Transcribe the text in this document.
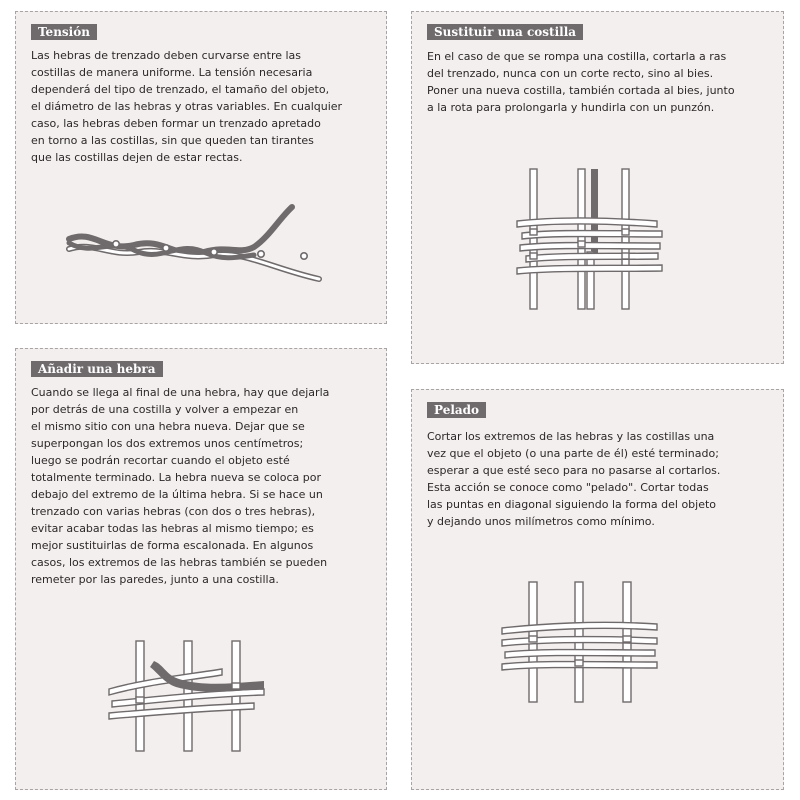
Tensión

Las hebras de trenzado deben curvarse entre las
costillas de manera uniforme. La tensión necesaria
dependerá del tipo de trenzado, el tamaño del objeto,
el diámetro de las hebras y otras variables. En cualquier
caso, las hebras deben formar un trenzado apretado
en torno a las costillas, sin que queden tan tirantes
que las costillas dejen de estar rectas.

Sustituir una costilla

En el caso de que se rompa una costilla, cortarla a ras
del trenzado, nunca con un corte recto, sino al bies.
Poner una nueva costilla, también cortada al bies, junto
a la rota para prolongarla y hundirla con un punzón.

Añadir una hebra

Cuando se llega al final de una hebra, hay que dejarla
por detrás de una costilla y volver a empezar en
el mismo sitio con una hebra nueva. Dejar que se
superpongan los dos extremos unos centímetros;
luego se podrán recortar cuando el objeto esté
totalmente terminado. La hebra nueva se coloca por
debajo del extremo de la última hebra. Si se hace un
trenzado con varias hebras (con dos o tres hebras),
evitar acabar todas las hebras al mismo tiempo; es
mejor sustituirlas de forma escalonada. En algunos
casos, los extremos de las hebras también se pueden
remeter por las paredes, junto a una costilla.

Pelado

Cortar los extremos de las hebras y las costillas una
vez que el objeto (o una parte de él) esté terminado;
esperar a que esté seco para no pasarse al cortarlos.
Esta acción se conoce como "pelado". Cortar todas
las puntas en diagonal siguiendo la forma del objeto
y dejando unos milímetros como mínimo.
